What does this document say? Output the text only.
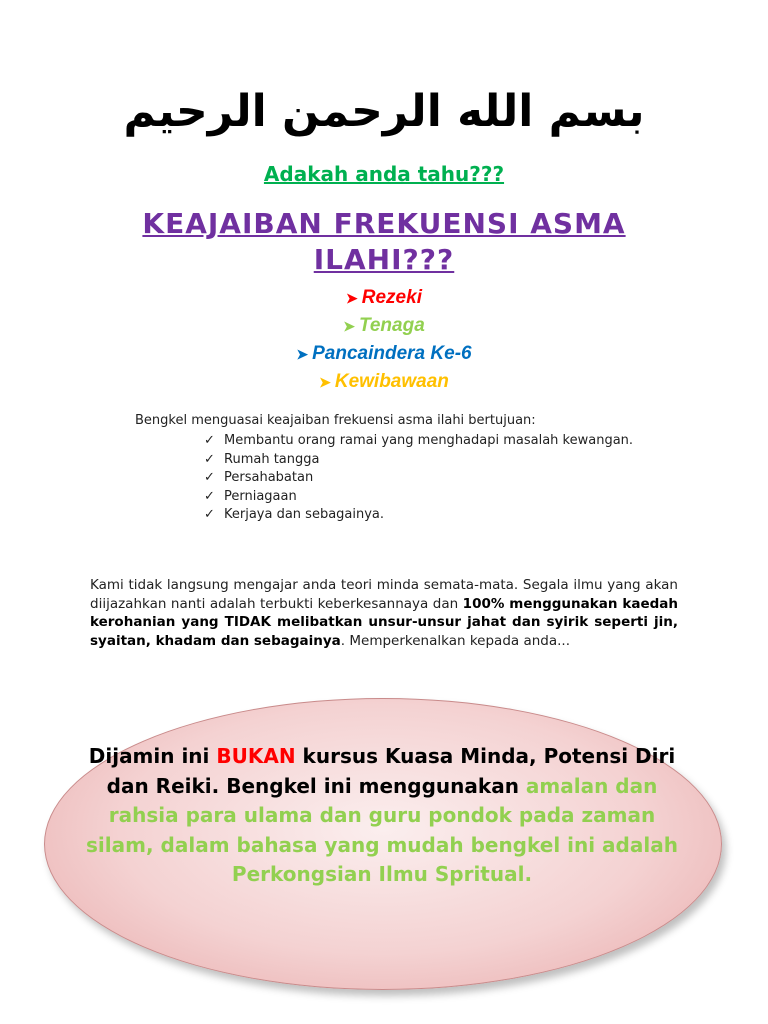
بسم الله الرحمن الرحيم
Adakah anda tahu???
KEAJAIBAN FREKUENSI ASMA ILAHI???
➤ Rezeki
➤ Tenaga
➤ Pancaindera Ke-6
➤ Kewibawaan
Bengkel menguasai keajaiban frekuensi asma ilahi bertujuan:
✓ Membantu orang ramai yang menghadapi masalah kewangan.
✓ Rumah tangga
✓ Persahabatan
✓ Perniagaan
✓ Kerjaya dan sebagainya.

Kami tidak langsung mengajar anda teori minda semata-mata. Segala ilmu yang akan diijazahkan nanti adalah terbukti keberkesannaya dan 100% menggunakan kaedah kerohanian yang TIDAK melibatkan unsur-unsur jahat dan syirik seperti jin, syaitan, khadam dan sebagainya. Memperkenalkan kepada anda...

Dijamin ini BUKAN kursus Kuasa Minda, Potensi Diri dan Reiki. Bengkel ini menggunakan amalan dan rahsia para ulama dan guru pondok pada zaman silam, dalam bahasa yang mudah bengkel ini adalah Perkongsian Ilmu Spritual.
